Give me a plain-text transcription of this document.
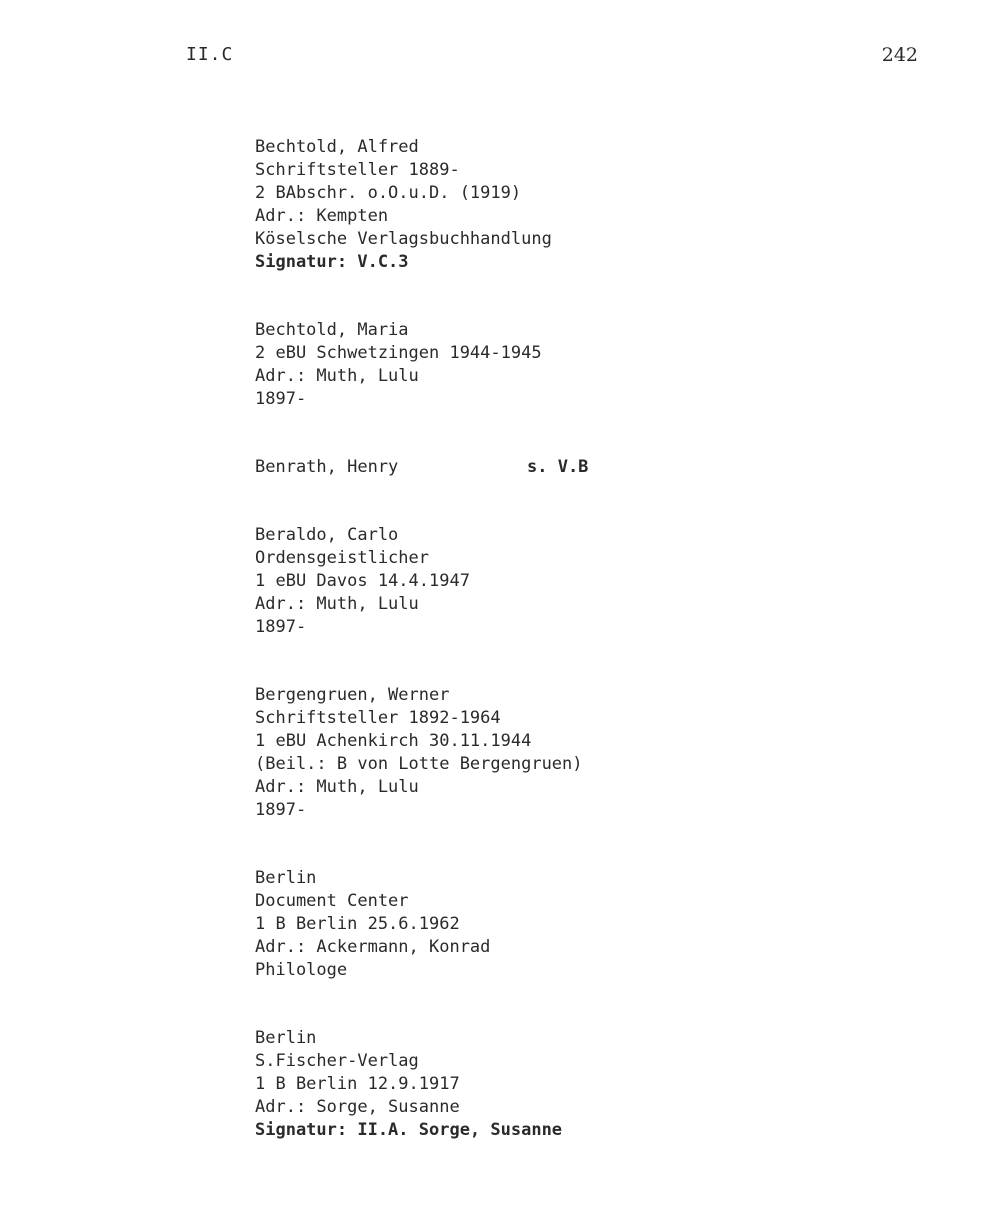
II.C	242
Bechtold, Alfred
Schriftsteller 1889-
2 BAbschr. o.O.u.D. (1919)
Adr.: Kempten
Köselsche Verlagsbuchhandlung
Signatur: V.C.3
Bechtold, Maria
2 eBU Schwetzingen 1944-1945
Adr.: Muth, Lulu
1897-
Benrath, Henry	s. V.B
Beraldo, Carlo
Ordensgeistlicher
1 eBU Davos 14.4.1947
Adr.: Muth, Lulu
1897-
Bergengruen, Werner
Schriftsteller 1892-1964
1 eBU Achenkirch 30.11.1944
(Beil.: B von Lotte Bergengruen)
Adr.: Muth, Lulu
1897-
Berlin
Document Center
1 B Berlin 25.6.1962
Adr.: Ackermann, Konrad
Philologe
Berlin
S.Fischer-Verlag
1 B Berlin 12.9.1917
Adr.: Sorge, Susanne
Signatur: II.A. Sorge, Susanne
